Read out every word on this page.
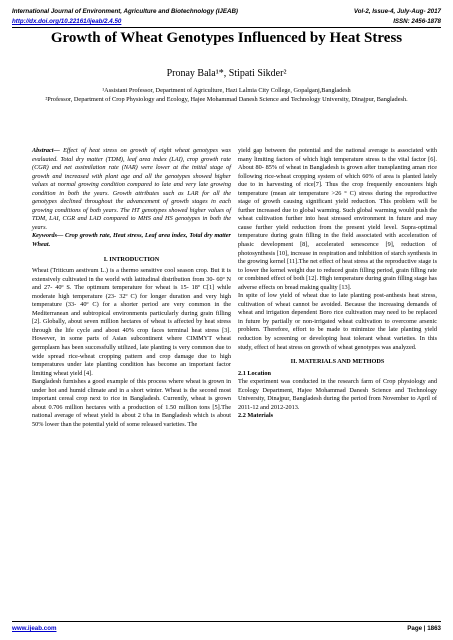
International Journal of Environment, Agriculture and Biotechnology (IJEAB)	Vol-2, Issue-4, July-Aug- 2017
http://dx.doi.org/10.22161/ijeab/2.4.50	ISSN: 2456-1878
Growth of Wheat Genotypes Influenced by Heat Stress
Pronay Bala¹*, Stipati Sikder²
¹Assistant Professor, Department of Agriculture, Hazi Lalmia City College, Gopalganj,Bangladesh
²Professor, Department of Crop Physiology and Ecology, Hajee Mohammad Danesh Science and Technology University, Dinajpur, Bangladesh.

Abstract— Effect of heat stress on growth of eight wheat genotypes was evaluated. Total dry matter (TDM), leaf area index (LAI), crop growth rate (CGR) and net assimilation rate (NAR) were lower at the initial stage of growth and increased with plant age and all the genotypes showed higher values at normal growing condition compared to late and very late growing condition in both the years. Growth attributes such as LAR for all the genotypes declined throughout the advancement of growth stages in each growing conditions of both years. The HT genotypes showed higher values of TDM, LAI, CGR and LAD compared to MHS and HS genotypes in both the years.

Keywords— Crop growth rate, Heat stress, Leaf area index, Total dry matter Wheat.

I. INTRODUCTION

Wheat (Triticum aestivum L.) is a thermo sensitive cool season crop. But it is extensively cultivated in the world with latitudinal distribution from 30- 60º N and 27- 40º S. The optimum temperature for wheat is 15- 18º C[1] while moderate high temperature (23- 32º C) for longer duration and very high temperature (33- 40º C) for a shorter period are very common in the Mediterranean and subtropical environments particularly during grain filling [2]. Globally, about seven million hectares of wheat is affected by heat stress through the life cycle and about 40% crop faces terminal heat stress [3]. However, in some parts of Asian subcontinent where CIMMYT wheat germplasm has been successfully utilized, late planting is very common due to wide spread rice-wheat cropping pattern and crop damage due to high temperatures under late planting condition has become an important factor limiting wheat yield [4].

Bangladesh furnishes a good example of this process where wheat is grown in under hot and humid climate and in a short winter. Wheat is the second most important cereal crop next to rice in Bangladesh. Currently, wheat is grown about 0.706 million hectares with a production of 1.50 million tons [5].The national average of wheat yield is about 2 t/ha in Bangladesh which is about 50% lower than the potential yield of some released varieties. The

yield gap between the potential and the national average is associated with many limiting factors of which high temperature stress is the vital factor [6]. About 80- 85% of wheat in Bangladesh is grown after transplanting aman rice following rice-wheat cropping system of which 60% of area is planted lately due to in harvesting of rice[7]. Thus the crop frequently encounters high temperature (mean air temperature >26 ° C) stress during the reproductive stage of growth causing significant yield reduction. This problem will be further increased due to global warming. Such global warming would push the wheat cultivation further into heat stressed environment in future and may cause further yield reduction from the present yield level. Supra-optimal temperature during grain filling in the field associated with acceleration of phasic development [8], accelerated senescence [9], reduction of photosynthesis [10], increase in respiration and inhibition of starch synthesis in the growing kernel [11].The net effect of heat stress at the reproductive stage is to lower the kernel weight due to reduced grain filling period, grain filling rate or combined effect of both [12]. High temperature during grain filling stage has adverse effects on bread making quality [13].

In spite of low yield of wheat due to late planting post-anthesis heat stress, cultivation of wheat cannot be avoided. Because the increasing demands of wheat and irrigation dependent Boro rice cultivation may need to be replaced in future by partially or non-irrigated wheat cultivation to overcome arsenic problem. Therefore, effort to be made to minimize the late planting yield reduction by screening or developing heat tolerant wheat varieties. In this study, effect of heat stress on growth of wheat genotypes was analyzed.

II. MATERIALS AND METHODS
2.1 Location

The experiment was conducted in the research farm of Crop physiology and Ecology Department, Hajee Mohammad Danesh Science and Technology University, Dinajpur, Bangladesh during the period from November to April of 2011-12 and 2012-2013.

2.2 Materials
www.ijeab.com	Page | 1863
